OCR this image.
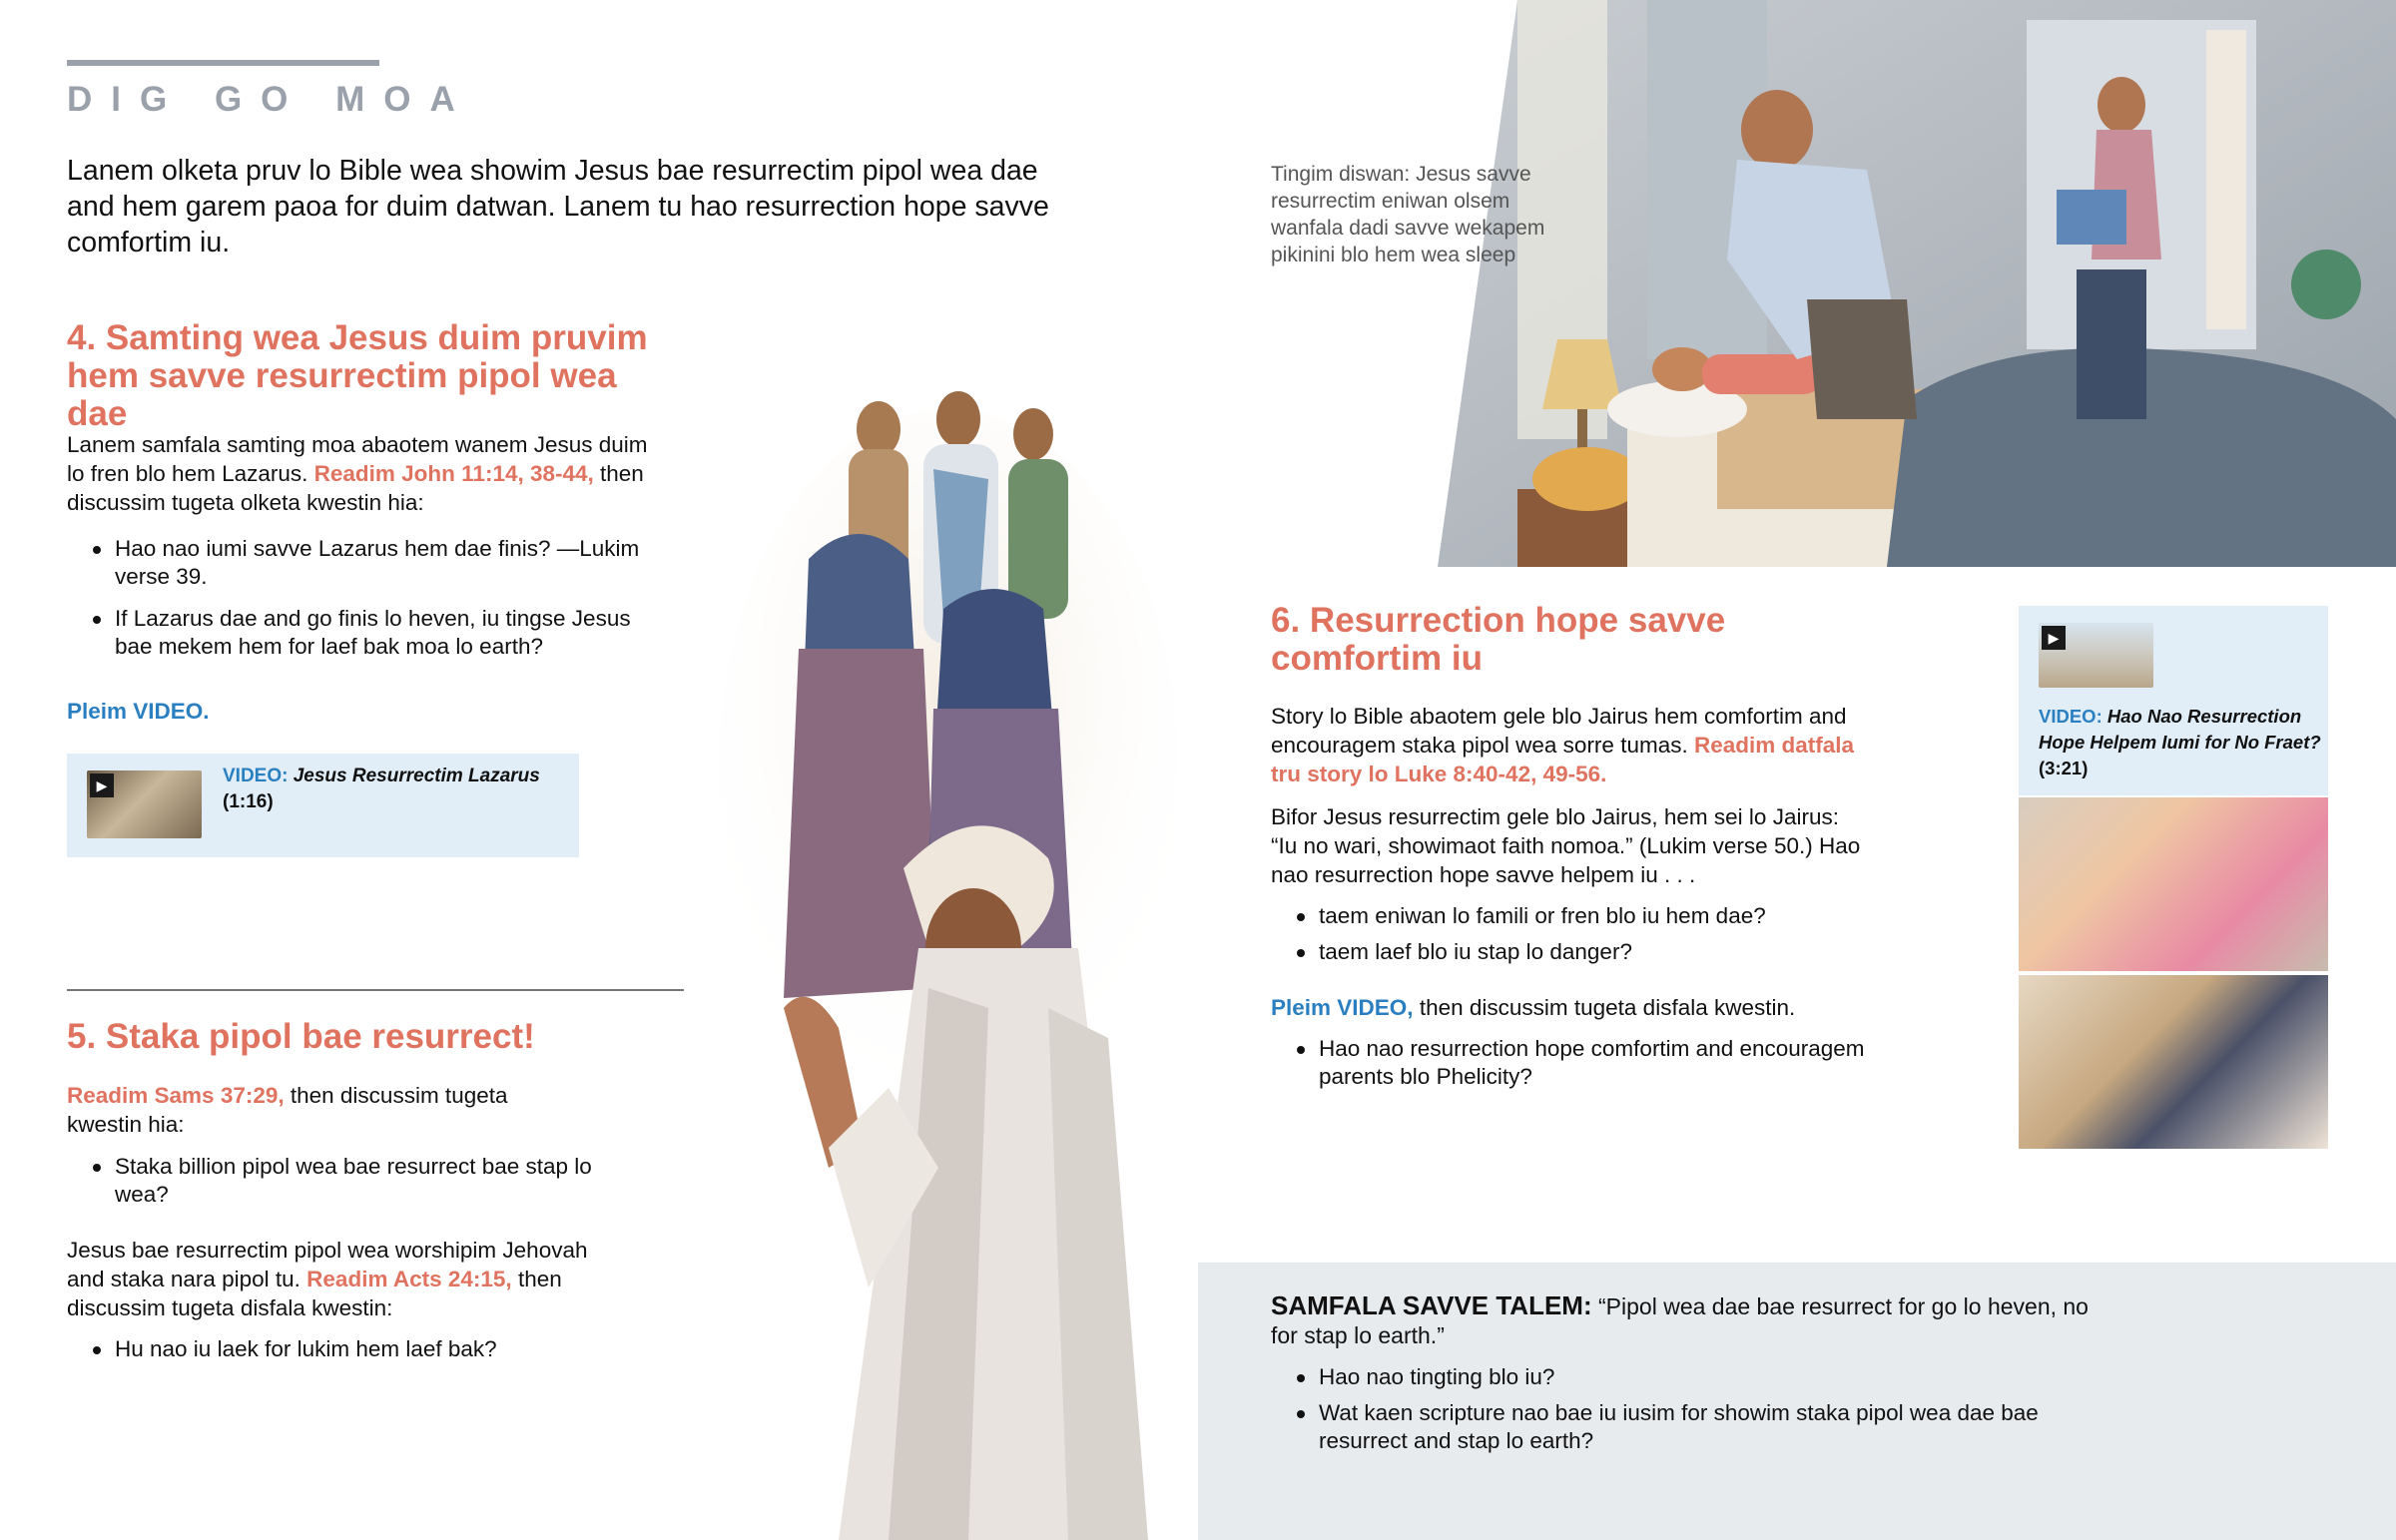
DIG GO MOA
Lanem olketa pruv lo Bible wea showim Jesus bae resurrectim pipol wea dae and hem garem paoa for duim datwan. Lanem tu hao resurrection hope savve comfortim iu.
4. Samting wea Jesus duim pruvim hem savve resurrectim pipol wea dae
Lanem samfala samting moa abaotem wanem Jesus duim lo fren blo hem Lazarus. Readim John 11:14, 38-44, then discussim tugeta olketa kwestin hia:
Hao nao iumi savve Lazarus hem dae finis? —Lukim verse 39.
If Lazarus dae and go finis lo heven, iu tingse Jesus bae mekem hem for laef bak moa lo earth?
Pleim VIDEO.
▶	VIDEO: Jesus Resurrectim Lazarus
(1:16)
5. Staka pipol bae resurrect!
Readim Sams 37:29, then discussim tugeta kwestin hia:
Staka billion pipol wea bae resurrect bae stap lo wea?
Jesus bae resurrectim pipol wea worshipim Jehovah and staka nara pipol tu. Readim Acts 24:15, then discussim tugeta disfala kwestin:
Hu nao iu laek for lukim hem laef bak?
Tingim diswan: Jesus savve resurrectim eniwan olsem wanfala dadi savve wekapem pikinini blo hem wea sleep
6. Resurrection hope savve comfortim iu
Story lo Bible abaotem gele blo Jairus hem comfortim and encouragem staka pipol wea sorre tumas. Readim datfala tru story lo Luke 8:40-42, 49-56.
Bifor Jesus resurrectim gele blo Jairus, hem sei lo Jairus: “Iu no wari, showimaot faith nomoa.” (Lukim verse 50.) Hao nao resurrection hope savve helpem iu . . .
taem eniwan lo famili or fren blo iu hem dae?
taem laef blo iu stap lo danger?
Pleim VIDEO, then discussim tugeta disfala kwestin.
Hao nao resurrection hope comfortim and encouragem parents blo Phelicity?
▶
VIDEO: Hao Nao Resurrection Hope Helpem Iumi for No Fraet? (3:21)
SAMFALA SAVVE TALEM: “Pipol wea dae bae resurrect for go lo heven, no for stap lo earth.”
Hao nao tingting blo iu?
Wat kaen scripture nao bae iu iusim for showim staka pipol wea dae bae resurrect and stap lo earth?
